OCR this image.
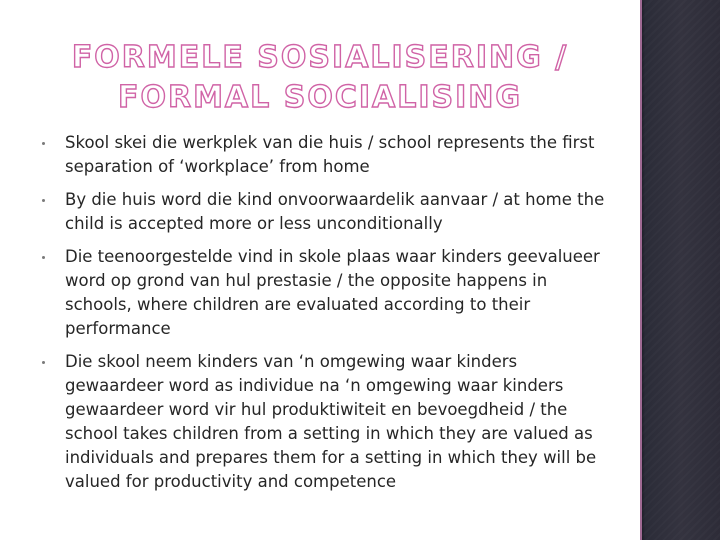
FORMELE SOSIALISERING / FORMAL SOCIALISING
Skool skei die werkplek van die huis / school represents the first separation of ‘workplace’ from home
By die huis word die kind onvoorwaardelik aanvaar / at home the child is accepted more or less unconditionally
Die teenoorgestelde vind in skole plaas waar kinders geevalueer word op grond van hul prestasie / the opposite happens in schools, where children are evaluated according to their performance
Die skool neem kinders van ‘n omgewing waar kinders gewaardeer word as individue na ‘n omgewing waar kinders gewaardeer word vir hul produktiwiteit en bevoegdheid / the school takes children from a setting in which they are valued as individuals and prepares them for a setting in which they will be valued for productivity and competence
